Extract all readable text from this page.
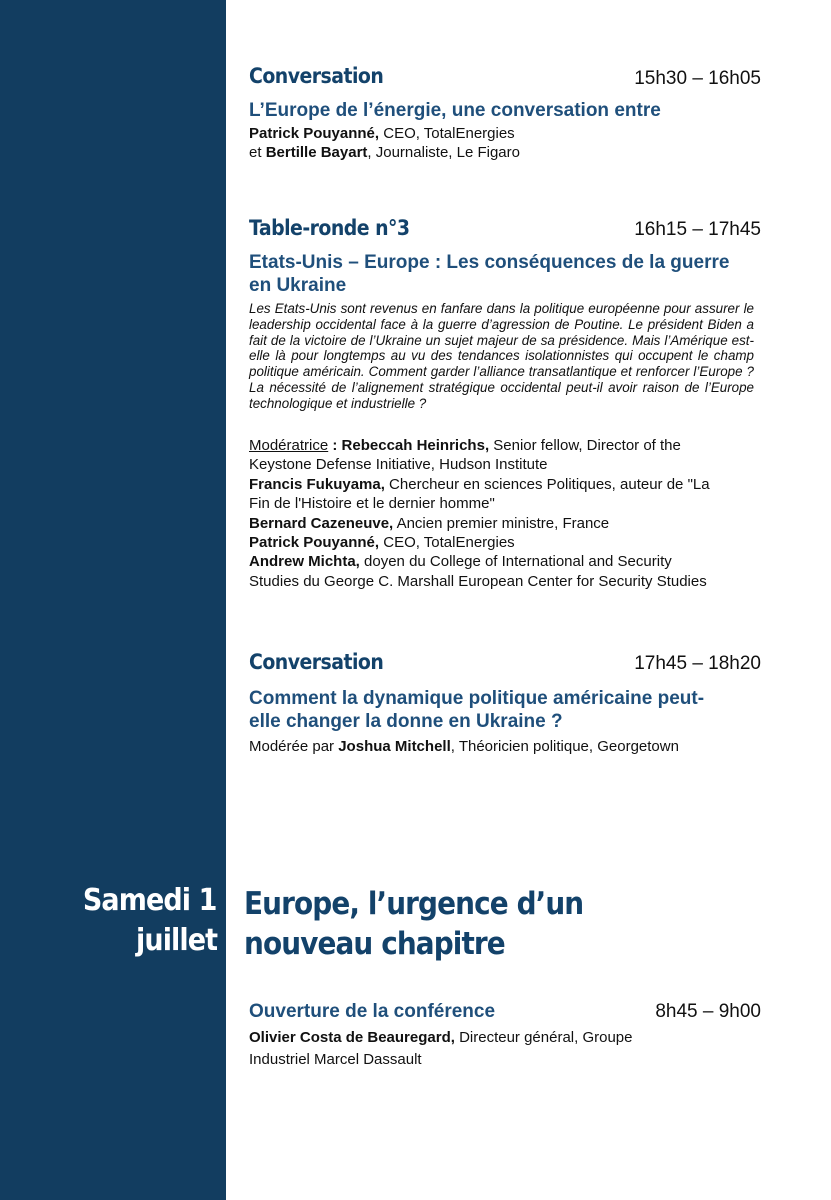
Conversation	15h30 – 16h05
L’Europe de l’énergie, une conversation entre
Patrick Pouyanné, CEO, TotalEnergies
et Bertille Bayart, Journaliste, Le Figaro
Table-ronde n°3	16h15 – 17h45
Etats-Unis – Europe : Les conséquences de la guerre en Ukraine
Les Etats-Unis sont revenus en fanfare dans la politique européenne pour assurer le leadership occidental face à la guerre d’agression de Poutine. Le président Biden a fait de la victoire de l’Ukraine un sujet majeur de sa présidence. Mais l’Amérique est-elle là pour longtemps au vu des tendances isolationnistes qui occupent le champ politique américain. Comment garder l’alliance transatlantique et renforcer l’Europe ? La nécessité de l’alignement stratégique occidental peut-il avoir raison de l’Europe technologique et industrielle ?
Modératrice : Rebeccah Heinrichs, Senior fellow, Director of the
Keystone Defense Initiative, Hudson Institute
Francis Fukuyama, Chercheur en sciences Politiques, auteur de "La
Fin de l'Histoire et le dernier homme"
Bernard Cazeneuve, Ancien premier ministre, France
Patrick Pouyanné, CEO, TotalEnergies
Andrew Michta, doyen du College of International and Security
Studies du George C. Marshall European Center for Security Studies
Conversation	17h45 – 18h20
Comment la dynamique politique américaine peut-elle changer la donne en Ukraine ?
Modérée par Joshua Mitchell, Théoricien politique, Georgetown
Samedi 1
juillet
Europe, l’urgence d’un nouveau chapitre
Ouverture de la conférence	8h45 – 9h00
Olivier Costa de Beauregard, Directeur général, Groupe
Industriel Marcel Dassault
